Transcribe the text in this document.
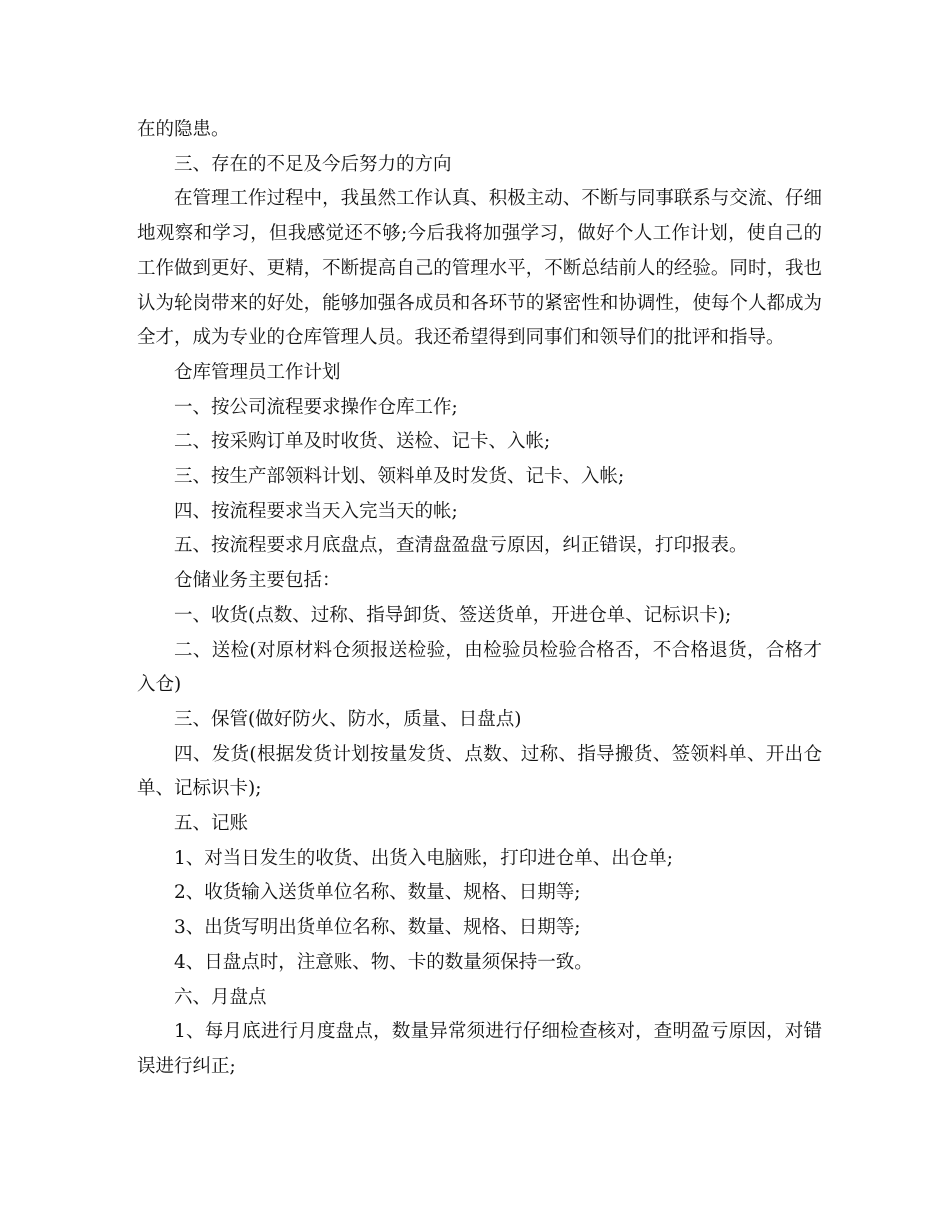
在的隐患。

三、存在的不足及今后努力的方向

在管理工作过程中，我虽然工作认真、积极主动、不断与同事联系与交流、仔细地观察和学习，但我感觉还不够;今后我将加强学习，做好个人工作计划，使自己的工作做到更好、更精，不断提高自己的管理水平，不断总结前人的经验。同时，我也认为轮岗带来的好处，能够加强各成员和各环节的紧密性和协调性，使每个人都成为全才，成为专业的仓库管理人员。我还希望得到同事们和领导们的批评和指导。

仓库管理员工作计划

一、按公司流程要求操作仓库工作;

二、按采购订单及时收货、送检、记卡、入帐;

三、按生产部领料计划、领料单及时发货、记卡、入帐;

四、按流程要求当天入完当天的帐;

五、按流程要求月底盘点，查清盘盈盘亏原因，纠正错误，打印报表。

仓储业务主要包括：

一、收货(点数、过称、指导卸货、签送货单，开进仓单、记标识卡);

二、送检(对原材料仓须报送检验，由检验员检验合格否，不合格退货，合格才入仓)

三、保管(做好防火、防水，质量、日盘点)

四、发货(根据发货计划按量发货、点数、过称、指导搬货、签领料单、开出仓单、记标识卡);

五、记账

1、对当日发生的收货、出货入电脑账，打印进仓单、出仓单;

2、收货输入送货单位名称、数量、规格、日期等;

3、出货写明出货单位名称、数量、规格、日期等;

4、日盘点时，注意账、物、卡的数量须保持一致。

六、月盘点

1、每月底进行月度盘点，数量异常须进行仔细检查核对，查明盈亏原因，对错误进行纠正;
